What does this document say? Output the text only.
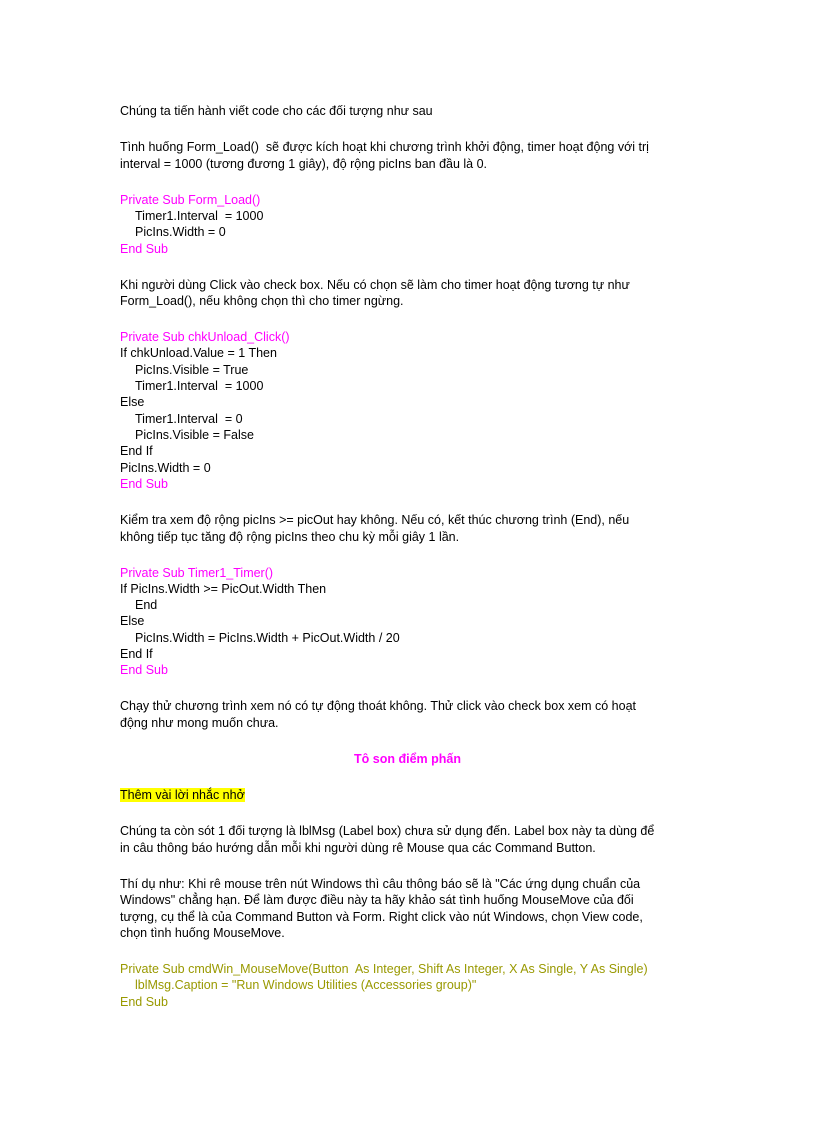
Chúng ta tiến hành viết code cho các đối tượng như sau
Tình huống Form_Load()  sẽ được kích hoạt khi chương trình khởi động, timer hoạt động với trị
interval = 1000 (tương đương 1 giây), độ rộng picIns ban đầu là 0.
Private Sub Form_Load()
Timer1.Interval  = 1000
PicIns.Width = 0
End Sub
Khi người dùng Click vào check box. Nếu có chọn sẽ làm cho timer hoạt động tương tự như
Form_Load(), nếu không chọn thì cho timer ngừng.
Private Sub chkUnload_Click()
If chkUnload.Value = 1 Then
PicIns.Visible = True
Timer1.Interval  = 1000
Else
Timer1.Interval  = 0
PicIns.Visible = False
End If
PicIns.Width = 0
End Sub
Kiểm tra xem độ rộng picIns >= picOut hay không. Nếu có, kết thúc chương trình (End), nếu
không tiếp tục tăng độ rộng picIns theo chu kỳ mỗi giây 1 lần.
Private Sub Timer1_Timer()
If PicIns.Width >= PicOut.Width Then
End
Else
PicIns.Width = PicIns.Width + PicOut.Width / 20
End If
End Sub
Chạy thử chương trình xem nó có tự động thoát không. Thử click vào check box xem có hoạt
động như mong muốn chưa.
Tô son điểm phấn
Thêm vài lời nhắc nhở
Chúng ta còn sót 1 đối tượng là lblMsg (Label box) chưa sử dụng đến. Label box này ta dùng để
in câu thông báo hướng dẫn mỗi khi người dùng rê Mouse qua các Command Button.
Thí dụ như: Khi rê mouse trên nút Windows thì câu thông báo sẽ là "Các ứng dụng chuẩn của
Windows" chẳng hạn. Để làm được điều này ta hãy khảo sát tình huống MouseMove của đối
tượng, cụ thể là của Command Button và Form. Right click vào nút Windows, chọn View code,
chọn tình huống MouseMove.
Private Sub cmdWin_MouseMove(Button  As Integer, Shift As Integer, X As Single, Y As Single)
lblMsg.Caption = "Run Windows Utilities (Accessories group)"
End Sub
